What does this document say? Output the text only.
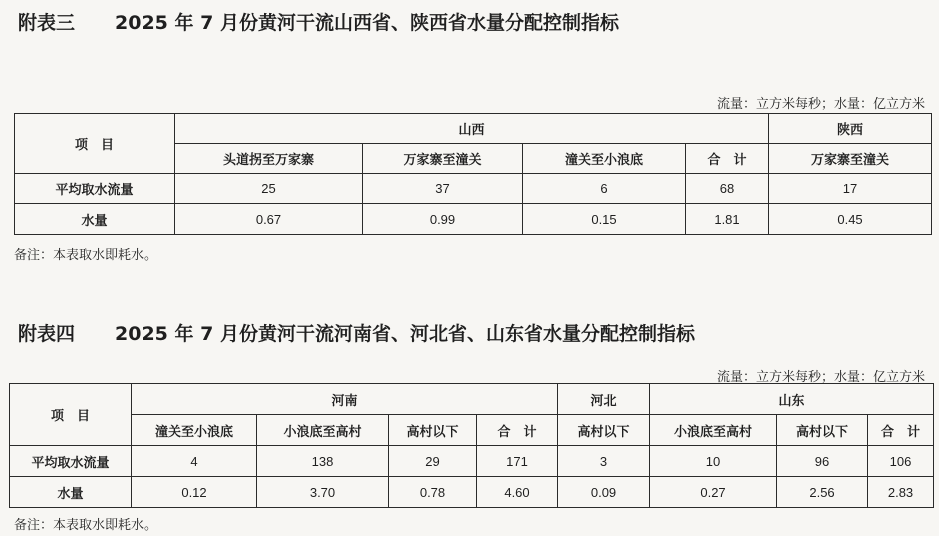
附表三 2025 年 7 月份黄河干流山西省、陕西省水量分配控制指标
流量：立方米每秒；水量：亿立方米
项　目	山西				陕西
	头道拐至万家寨	万家寨至潼关	潼关至小浪底	合　计	万家寨至潼关
平均取水流量	25	37	6	68	17
水量	0.67	0.99	0.15	1.81	0.45
备注：本表取水即耗水。
附表四 2025 年 7 月份黄河干流河南省、河北省、山东省水量分配控制指标
流量：立方米每秒；水量：亿立方米
项　目	河南				河北	山东		
	潼关至小浪底	小浪底至高村	高村以下	合　计	高村以下	小浪底至高村	高村以下	合　计
平均取水流量	4	138	29	171	3	10	96	106
水量	0.12	3.70	0.78	4.60	0.09	0.27	2.56	2.83
备注：本表取水即耗水。
